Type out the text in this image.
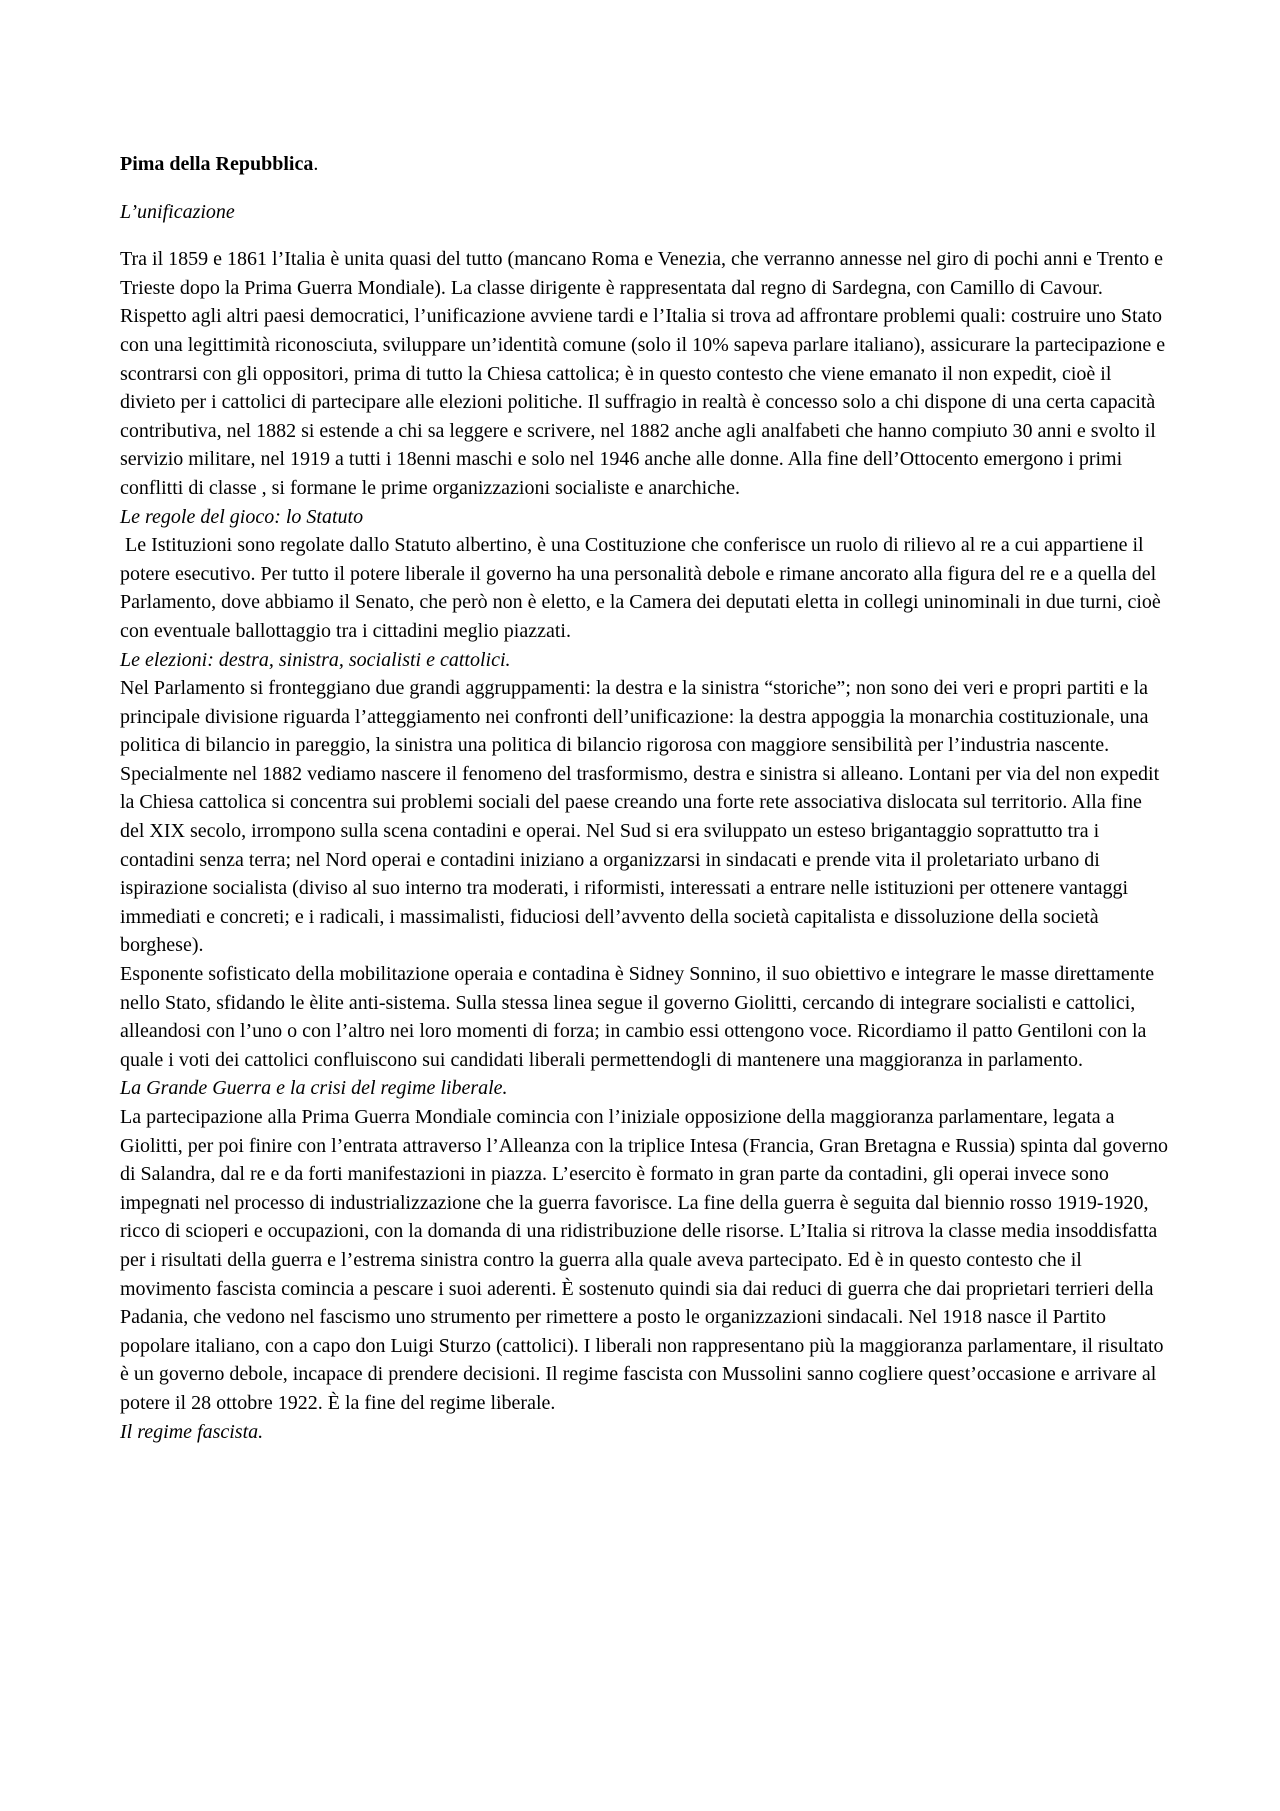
Pima della Repubblica.

L’unificazione

Tra il 1859 e 1861 l’Italia è unita quasi del tutto (mancano Roma e Venezia, che verranno annesse nel giro di pochi anni e Trento e Trieste dopo la Prima Guerra Mondiale). La classe dirigente è rappresentata dal regno di Sardegna, con Camillo di Cavour. Rispetto agli altri paesi democratici, l’unificazione avviene tardi e l’Italia si trova ad affrontare problemi quali: costruire uno Stato con una legittimità riconosciuta, sviluppare un’identità comune (solo il 10% sapeva parlare italiano), assicurare la partecipazione e scontrarsi con gli oppositori, prima di tutto la Chiesa cattolica; è in questo contesto che viene emanato il non expedit, cioè il divieto per i cattolici di partecipare alle elezioni politiche. Il suffragio in realtà è concesso solo a chi dispone di una certa capacità contributiva, nel 1882 si estende a chi sa leggere e scrivere, nel 1882 anche agli analfabeti che hanno compiuto 30 anni e svolto il servizio militare, nel 1919 a tutti i 18enni maschi e solo nel 1946 anche alle donne. Alla fine dell’Ottocento emergono i primi conflitti di classe , si formane le prime organizzazioni socialiste e anarchiche.

Le regole del gioco: lo Statuto

Le Istituzioni sono regolate dallo Statuto albertino, è una Costituzione che conferisce un ruolo di rilievo al re a cui appartiene il potere esecutivo. Per tutto il potere liberale il governo ha una personalità debole e rimane ancorato alla figura del re e a quella del Parlamento, dove abbiamo il Senato, che però non è eletto, e la Camera dei deputati eletta in collegi uninominali in due turni, cioè con eventuale ballottaggio tra i cittadini meglio piazzati.

Le elezioni: destra, sinistra, socialisti e cattolici.

Nel Parlamento si fronteggiano due grandi aggruppamenti: la destra e la sinistra “storiche”; non sono dei veri e propri partiti e la principale divisione riguarda l’atteggiamento nei confronti dell’unificazione: la destra appoggia la monarchia costituzionale, una politica di bilancio in pareggio, la sinistra una politica di bilancio rigorosa con maggiore sensibilità per l’industria nascente. Specialmente nel 1882 vediamo nascere il fenomeno del trasformismo, destra e sinistra si alleano. Lontani per via del non expedit la Chiesa cattolica si concentra sui problemi sociali del paese creando una forte rete associativa dislocata sul territorio. Alla fine del XIX secolo, irrompono sulla scena contadini e operai. Nel Sud si era sviluppato un esteso brigantaggio soprattutto tra i contadini senza terra; nel Nord operai e contadini iniziano a organizzarsi in sindacati e prende vita il proletariato urbano di ispirazione socialista (diviso al suo interno tra moderati, i riformisti, interessati a entrare nelle istituzioni per ottenere vantaggi immediati e concreti; e i radicali, i massimalisti, fiduciosi dell’avvento della società capitalista e dissoluzione della società borghese).

Esponente sofisticato della mobilitazione operaia e contadina è Sidney Sonnino, il suo obiettivo e integrare le masse direttamente nello Stato, sfidando le èlite anti-sistema. Sulla stessa linea segue il governo Giolitti, cercando di integrare socialisti e cattolici, alleandosi con l’uno o con l’altro nei loro momenti di forza; in cambio essi ottengono voce. Ricordiamo il patto Gentiloni con la quale i voti dei cattolici confluiscono sui candidati liberali permettendogli di mantenere una maggioranza in parlamento.

La Grande Guerra e la crisi del regime liberale.

La partecipazione alla Prima Guerra Mondiale comincia con l’iniziale opposizione della maggioranza parlamentare, legata a Giolitti, per poi finire con l’entrata attraverso l’Alleanza con la triplice Intesa (Francia, Gran Bretagna e Russia) spinta dal governo di Salandra, dal re e da forti manifestazioni in piazza. L’esercito è formato in gran parte da contadini, gli operai invece sono impegnati nel processo di industrializzazione che la guerra favorisce. La fine della guerra è seguita dal biennio rosso 1919-1920, ricco di scioperi e occupazioni, con la domanda di una ridistribuzione delle risorse. L’Italia si ritrova la classe media insoddisfatta per i risultati della guerra e l’estrema sinistra contro la guerra alla quale aveva partecipato. Ed è in questo contesto che il movimento fascista comincia a pescare i suoi aderenti. È sostenuto quindi sia dai reduci di guerra che dai proprietari terrieri della Padania, che vedono nel fascismo uno strumento per rimettere a posto le organizzazioni sindacali. Nel 1918 nasce il Partito popolare italiano, con a capo don Luigi Sturzo (cattolici). I liberali non rappresentano più la maggioranza parlamentare, il risultato è un governo debole, incapace di prendere decisioni. Il regime fascista con Mussolini sanno cogliere quest’occasione e arrivare al potere il 28 ottobre 1922. È la fine del regime liberale.

Il regime fascista.
